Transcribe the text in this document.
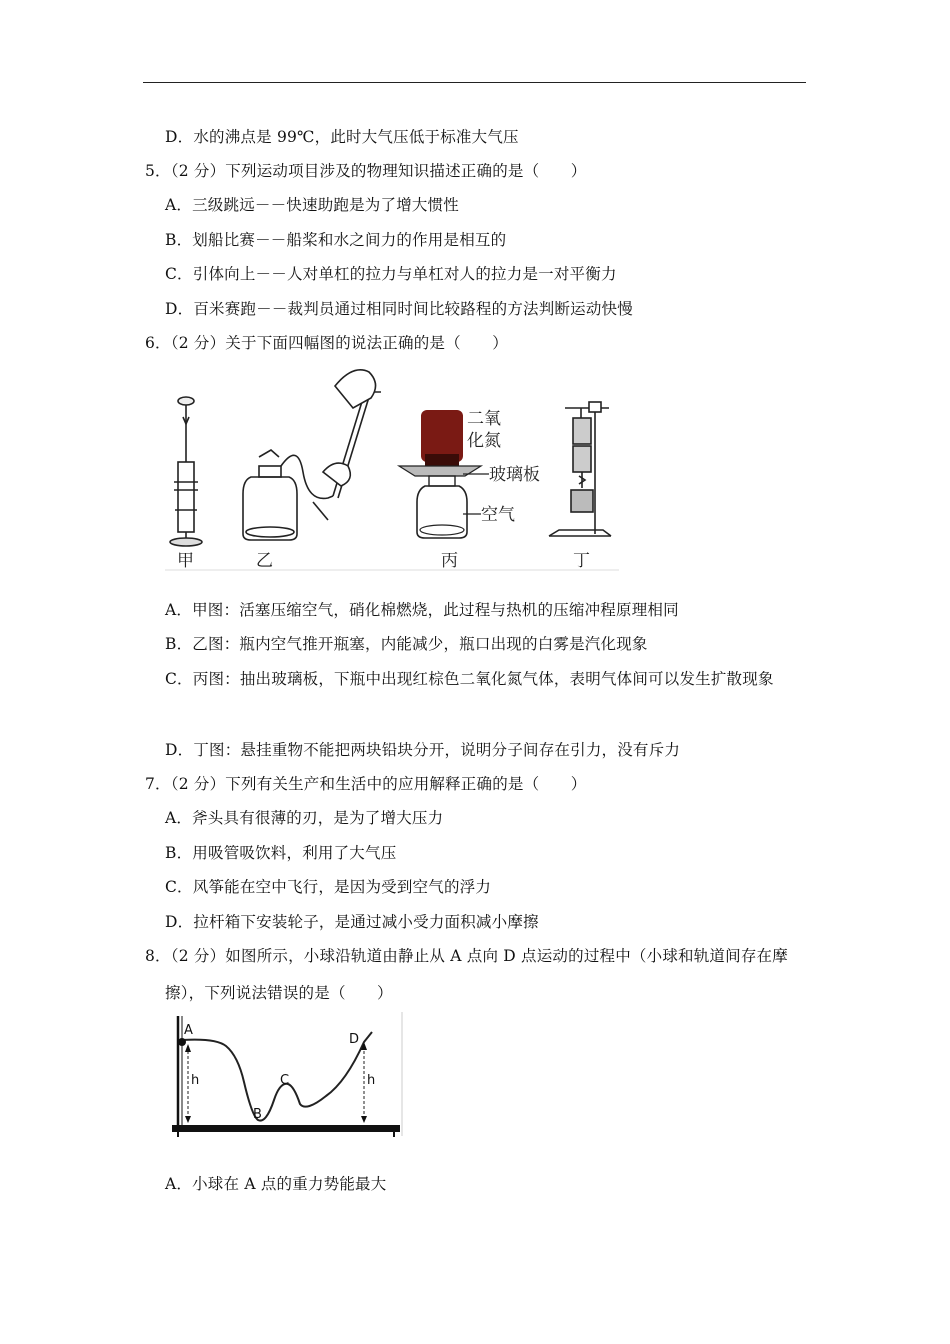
D．水的沸点是 99℃，此时大气压低于标准大气压
5．（2 分）下列运动项目涉及的物理知识描述正确的是（　　）
A．三级跳远－－快速助跑是为了增大惯性
B．划船比赛－－船桨和水之间力的作用是相互的
C．引体向上－－人对单杠的拉力与单杠对人的拉力是一对平衡力
D．百米赛跑－－裁判员通过相同时间比较路程的方法判断运动快慢
6．（2 分）关于下面四幅图的说法正确的是（　　）
甲	乙
二氧
化氮
玻璃板
空气
丙	丁
A．甲图：活塞压缩空气，硝化棉燃烧，此过程与热机的压缩冲程原理相同
B．乙图：瓶内空气推开瓶塞，内能减少，瓶口出现的白雾是汽化现象
C．丙图：抽出玻璃板，下瓶中出现红棕色二氧化氮气体，表明气体间可以发生扩散现象
D．丁图：悬挂重物不能把两块铅块分开，说明分子间存在引力，没有斥力
7．（2 分）下列有关生产和生活中的应用解释正确的是（　　）
A．斧头具有很薄的刃，是为了增大压力
B．用吸管吸饮料，利用了大气压
C．风筝能在空中飞行，是因为受到空气的浮力
D．拉杆箱下安装轮子，是通过减小受力面积减小摩擦
8．（2 分）如图所示，小球沿轨道由静止从 A 点向 D 点运动的过程中（小球和轨道间存在摩
擦），下列说法错误的是（　　）
A
B
C
D
h	h
A．小球在 A 点的重力势能最大
